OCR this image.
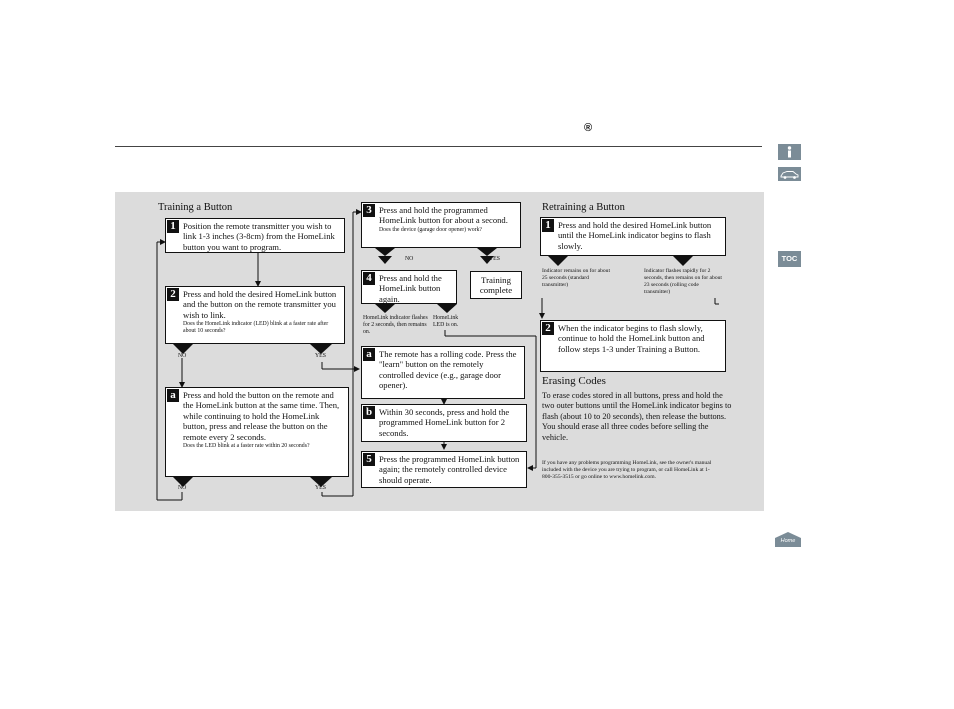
®
Training a Button
1 Position the remote transmitter you wish to link 1-3 inches (3-8cm) from the HomeLink button you want to program.
2 Press and hold the desired HomeLink button and the button on the remote transmitter you wish to link.
Does the HomeLink indicator (LED) blink at a faster rate after about 10 seconds?
NO	YES
a Press and hold the button on the remote and the HomeLink button at the same time. Then, while continuing to hold the HomeLink button, press and release the button on the remote every 2 seconds.
Does the LED blink at a faster rate within 20 seconds?
NO	YES
3 Press and hold the programmed HomeLink button for about a second.
Does the device (garage door opener) work?
NO	YES
4 Press and hold the HomeLink button again.
Training complete
HomeLink indicator flashes for 2 seconds, then remains on.
HomeLink LED is on.
a The remote has a rolling code. Press the "learn" button on the remotely controlled device (e.g., garage door opener).
b Within 30 seconds, press and hold the programmed HomeLink button for 2 seconds.
5 Press the programmed HomeLink button again; the remotely controlled device should operate.
Retraining a Button
1 Press and hold the desired HomeLink button until the HomeLink indicator begins to flash slowly.
Indicator remains on for about 25 seconds (standard transmitter)
Indicator flashes rapidly for 2 seconds, then remains on for about 23 seconds (rolling code transmitter)
2 When the indicator begins to flash slowly, continue to hold the HomeLink button and follow steps 1-3 under Training a Button.
Erasing Codes
To erase codes stored in all buttons, press and hold the two outer buttons until the HomeLink indicator begins to flash (about 10 to 20 seconds), then release the buttons. You should erase all three codes before selling the vehicle.
If you have any problems programming HomeLink, see the owner's manual included with the device you are trying to program, or call HomeLink at 1-800-355-3515 or go online to www.homelink.com.
TOC
Home
